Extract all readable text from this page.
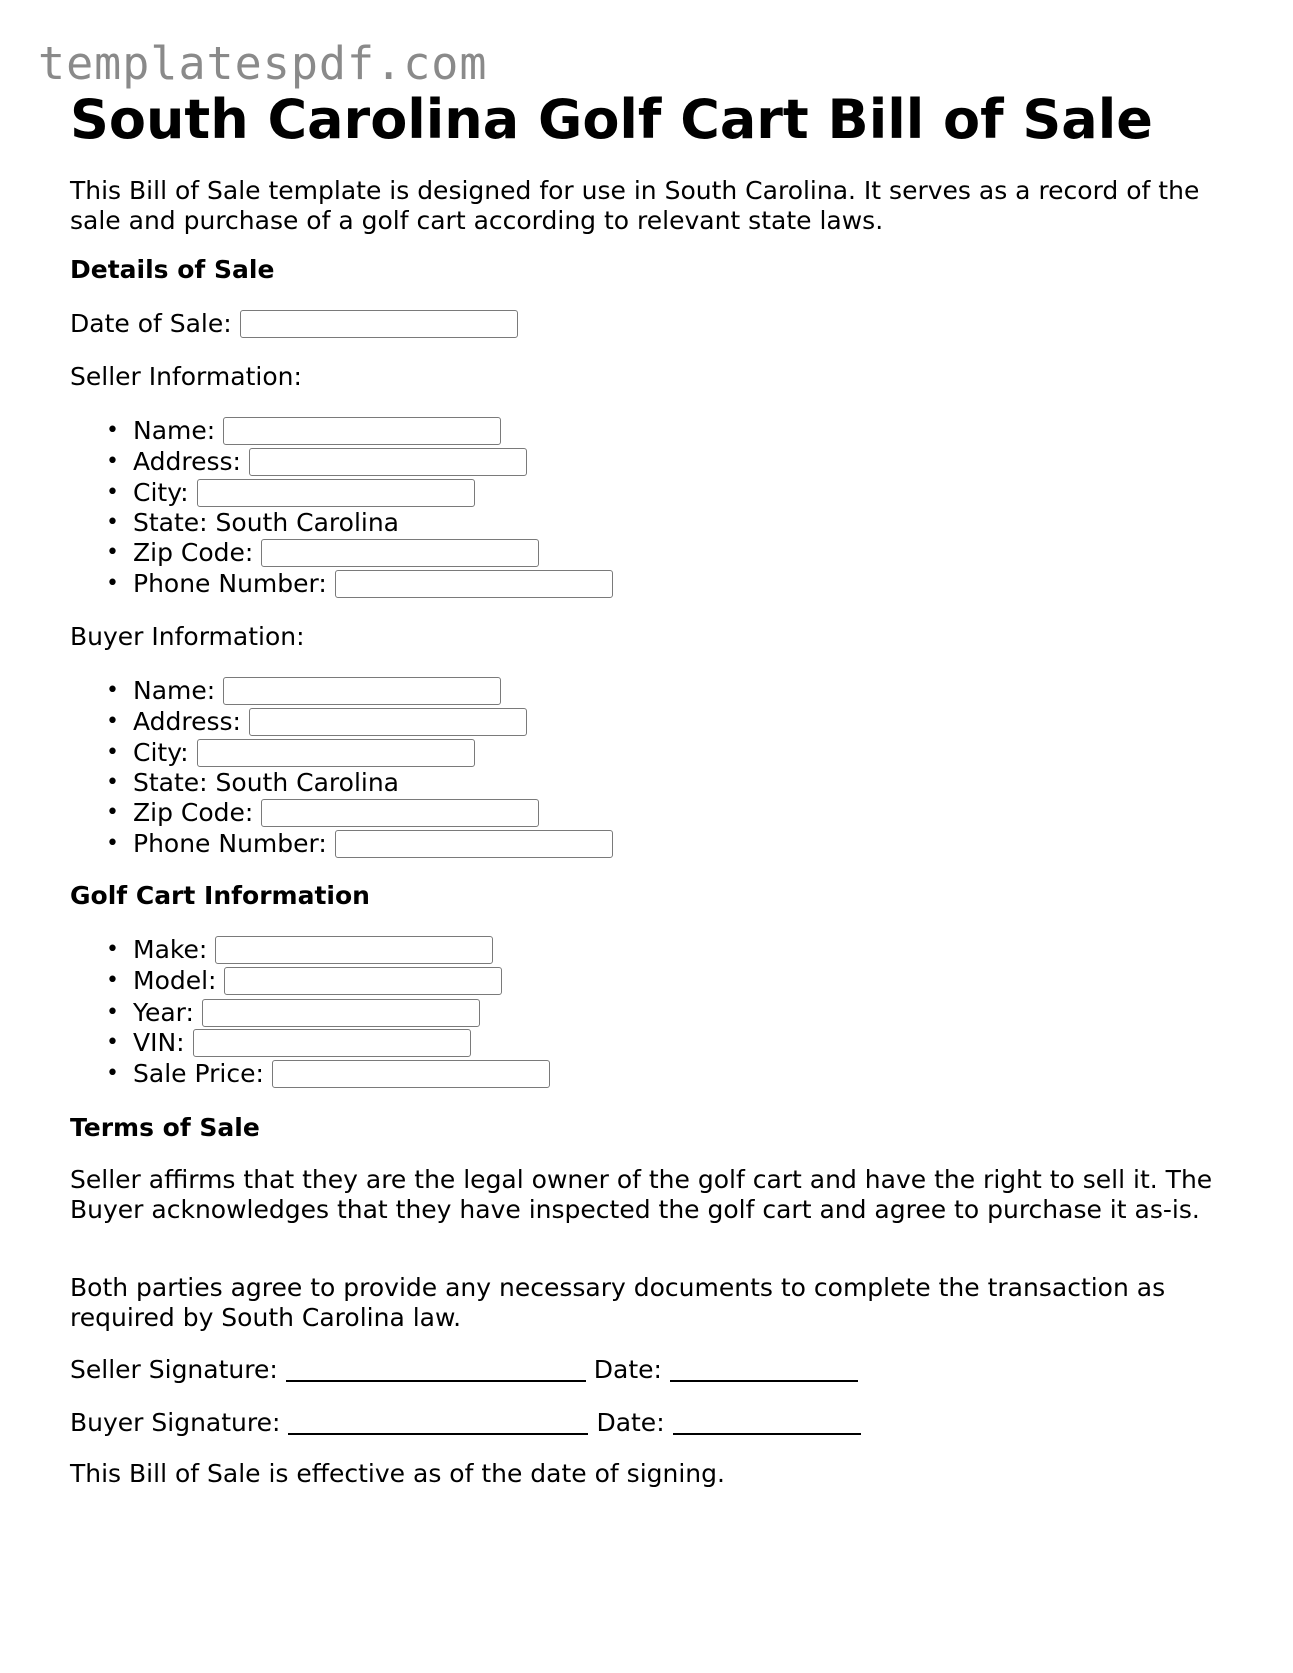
templatespdf.com
South Carolina Golf Cart Bill of Sale

This Bill of Sale template is designed for use in South Carolina. It serves as a record of the sale and purchase of a golf cart according to relevant state laws.

Details of Sale

Date of Sale:

Seller Information:

• Name:
• Address:
• City:
• State: South Carolina
• Zip Code:
• Phone Number:

Buyer Information:

• Name:
• Address:
• City:
• State: South Carolina
• Zip Code:
• Phone Number:

Golf Cart Information

• Make:
• Model:
• Year:
• VIN:
• Sale Price:

Terms of Sale

Seller affirms that they are the legal owner of the golf cart and have the right to sell it. The Buyer acknowledges that they have inspected the golf cart and agree to purchase it as-is.

Both parties agree to provide any necessary documents to complete the transaction as required by South Carolina law.

Seller Signature:	Date:
Buyer Signature:	Date:

This Bill of Sale is effective as of the date of signing.
